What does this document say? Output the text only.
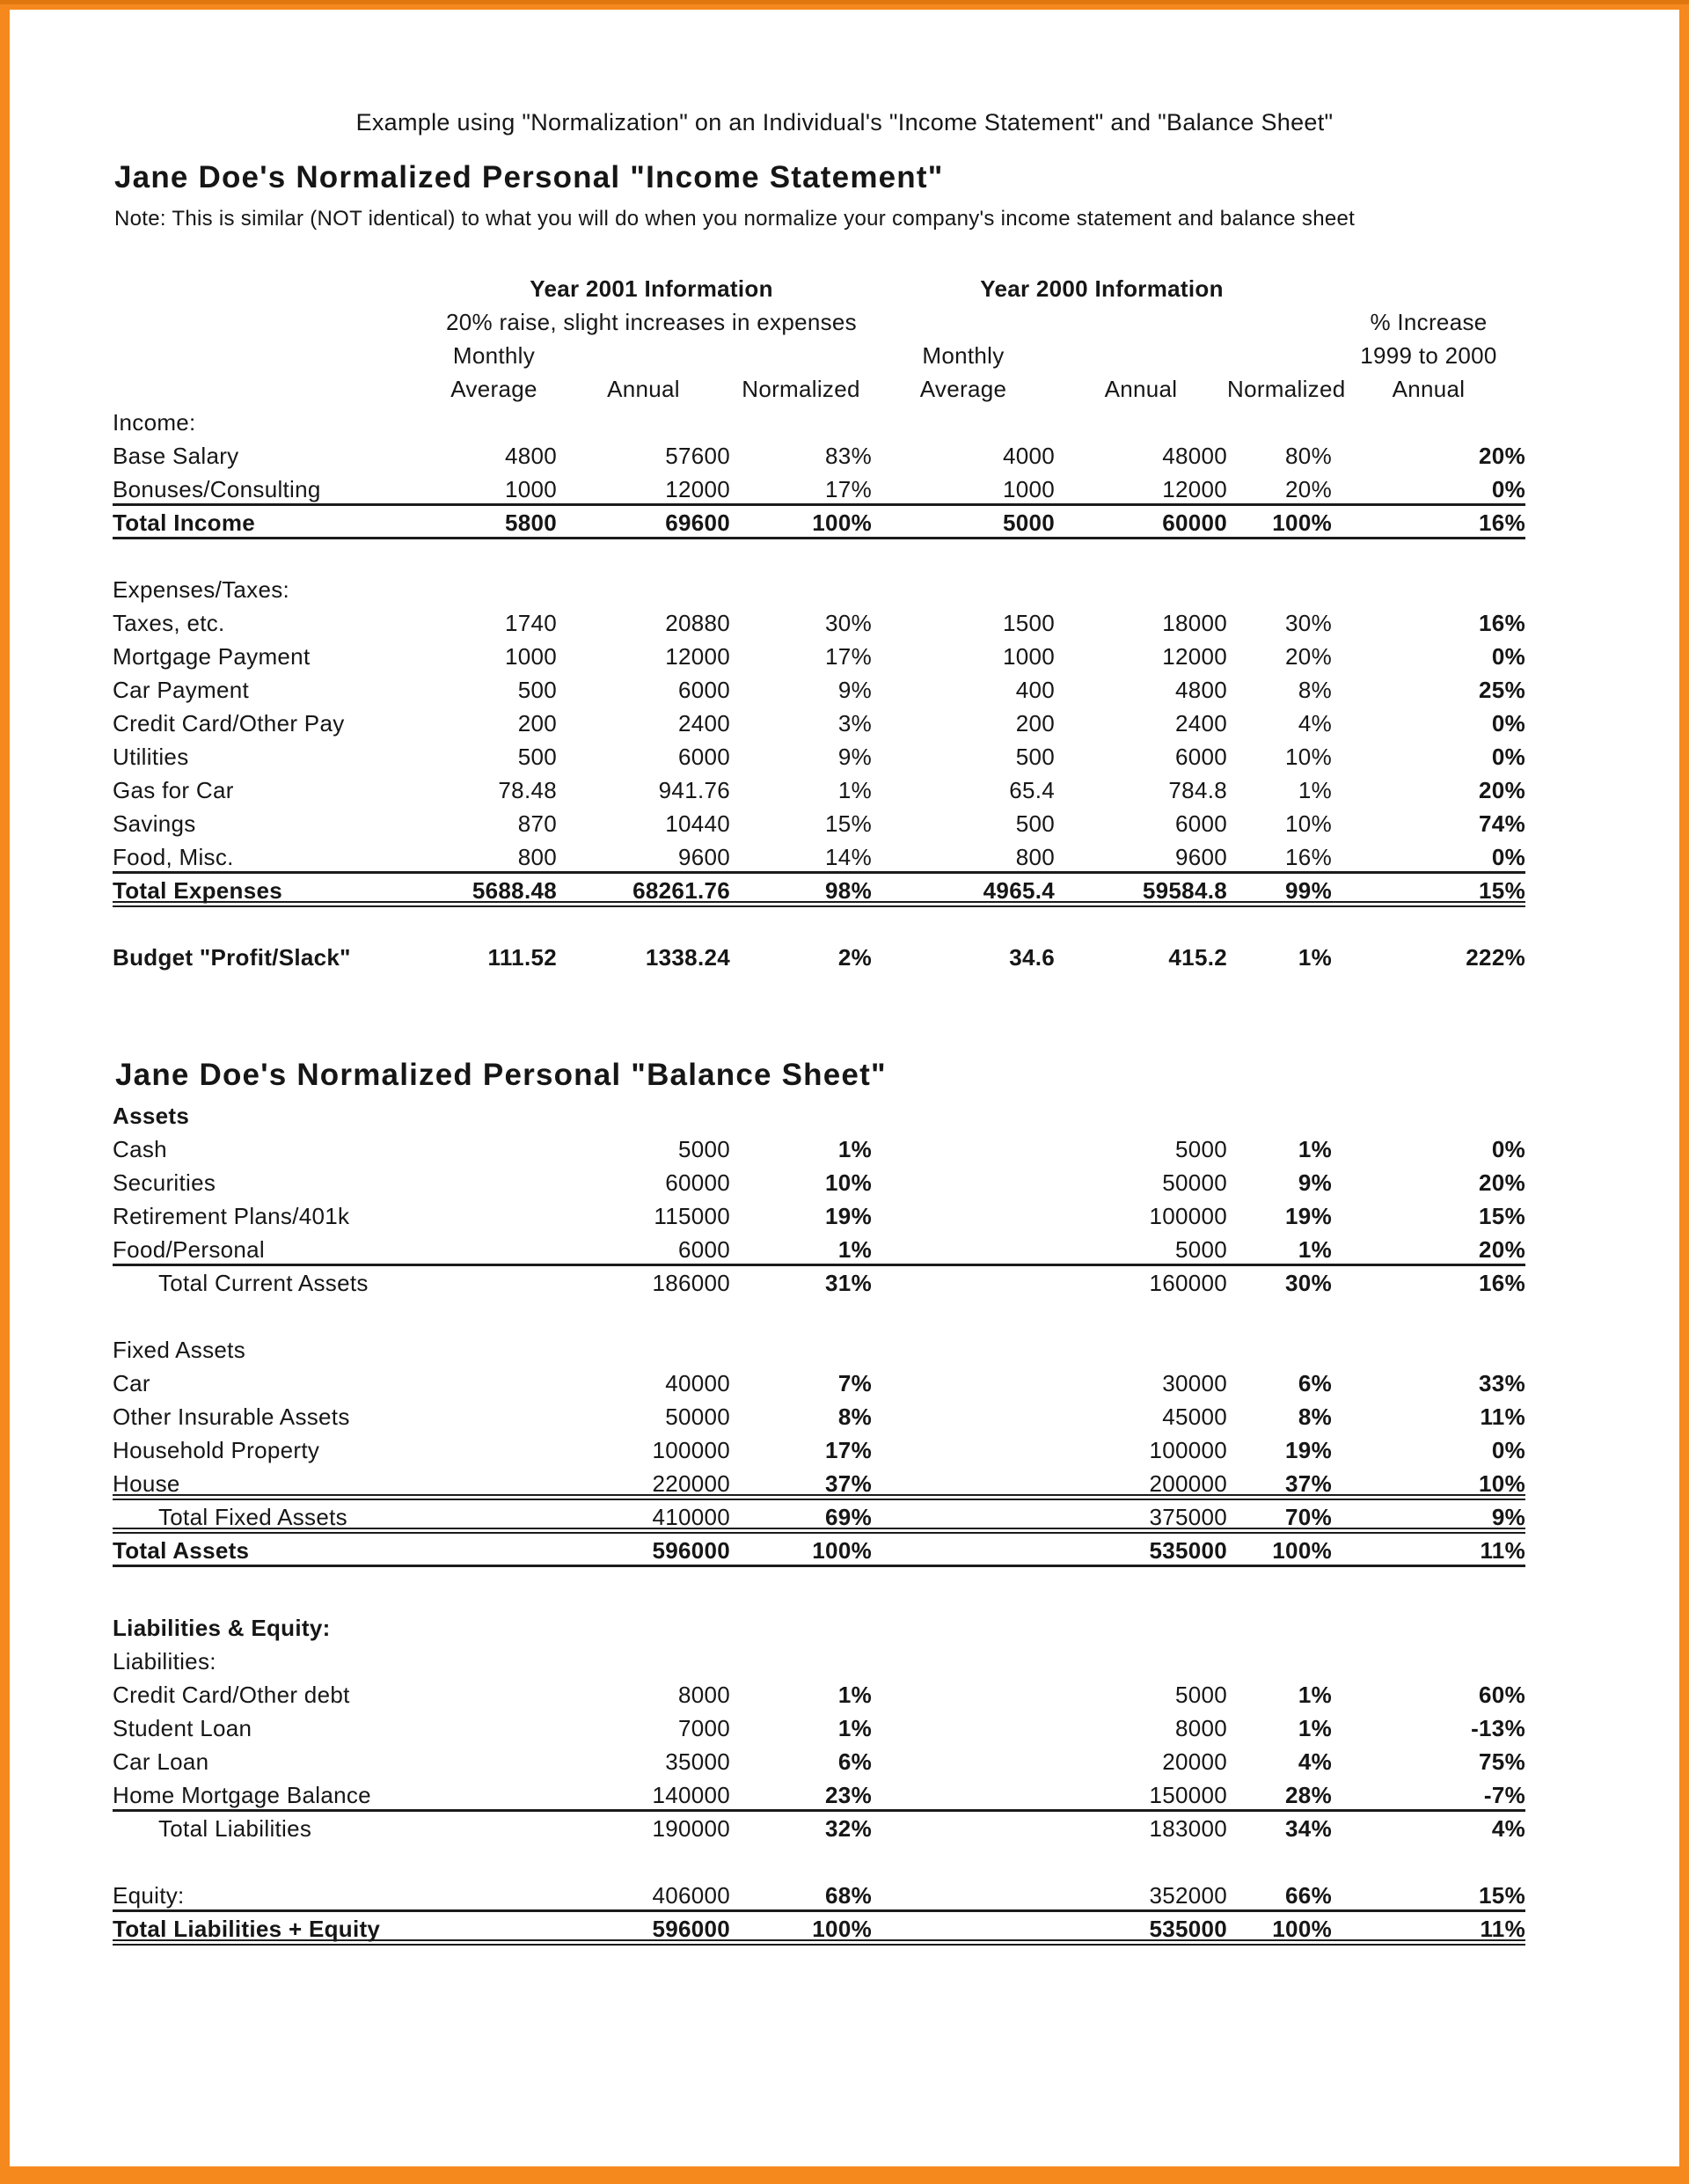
Example using "Normalization" on an Individual's "Income Statement" and "Balance Sheet"
Jane Doe's Normalized Personal "Income Statement"
Note: This is similar (NOT identical) to what you will do when you normalize your company's income statement and balance sheet
Year 2001 Information	Year 2000 Information
20% raise, slight increases in expenses	% Increase
Monthly	Monthly	1999 to 2000
Average	Annual	Normalized	Average	Annual	Normalized	Annual
Income:
Base Salary	4800	57600	83%	4000	48000	80%	20%
Bonuses/Consulting	1000	12000	17%	1000	12000	20%	0%
Total Income	5800	69600	100%	5000	60000	100%	16%
Expenses/Taxes:
Taxes, etc.	1740	20880	30%	1500	18000	30%	16%
Mortgage Payment	1000	12000	17%	1000	12000	20%	0%
Car Payment	500	6000	9%	400	4800	8%	25%
Credit Card/Other Pay	200	2400	3%	200	2400	4%	0%
Utilities	500	6000	9%	500	6000	10%	0%
Gas for Car	78.48	941.76	1%	65.4	784.8	1%	20%
Savings	870	10440	15%	500	6000	10%	74%
Food, Misc.	800	9600	14%	800	9600	16%	0%
Total Expenses	5688.48	68261.76	98%	4965.4	59584.8	99%	15%
Budget "Profit/Slack"	111.52	1338.24	2%	34.6	415.2	1%	222%
Jane Doe's Normalized Personal "Balance Sheet"
Assets
Cash	5000	1%	5000	1%	0%
Securities	60000	10%	50000	9%	20%
Retirement Plans/401k	115000	19%	100000	19%	15%
Food/Personal	6000	1%	5000	1%	20%
Total Current Assets	186000	31%	160000	30%	16%
Fixed Assets
Car	40000	7%	30000	6%	33%
Other Insurable Assets	50000	8%	45000	8%	11%
Household Property	100000	17%	100000	19%	0%
House	220000	37%	200000	37%	10%
Total Fixed Assets	410000	69%	375000	70%	9%
Total Assets	596000	100%	535000	100%	11%
Liabilities & Equity:
Liabilities:
Credit Card/Other debt	8000	1%	5000	1%	60%
Student Loan	7000	1%	8000	1%	-13%
Car Loan	35000	6%	20000	4%	75%
Home Mortgage Balance	140000	23%	150000	28%	-7%
Total Liabilities	190000	32%	183000	34%	4%
Equity:	406000	68%	352000	66%	15%
Total Liabilities + Equity	596000	100%	535000	100%	11%
